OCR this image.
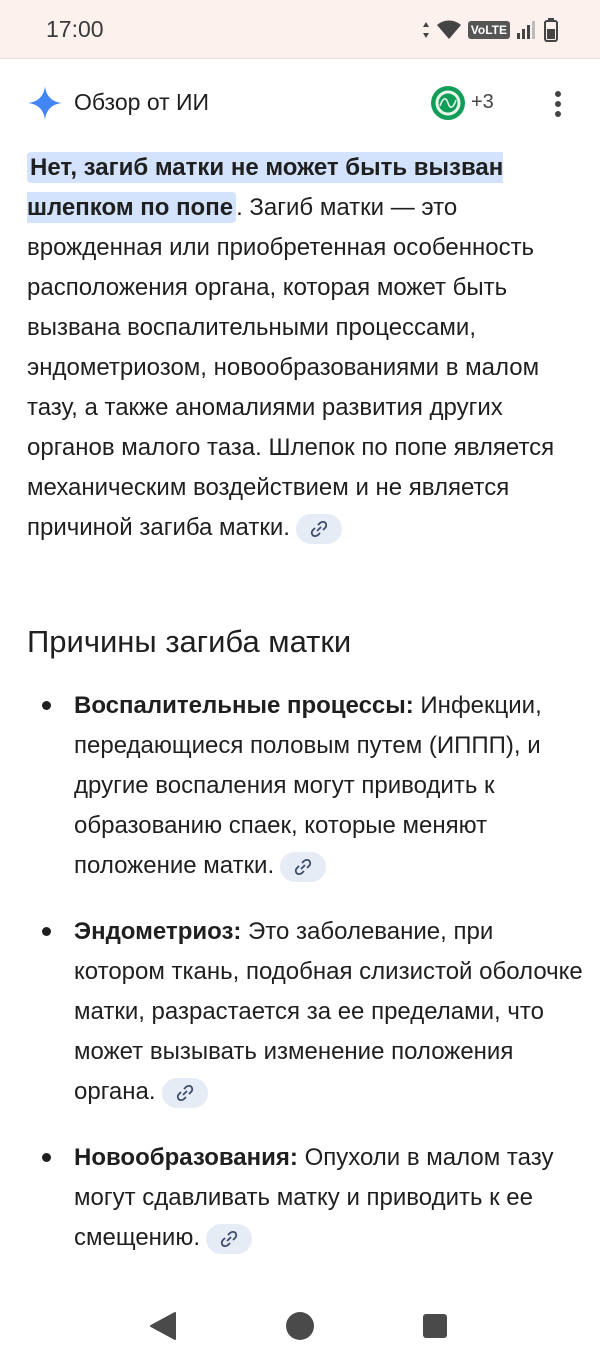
17:00	VoLTE
Обзор от ИИ	+3

Нет, загиб матки не может быть вызван шлепком по попе . Загиб матки — это врожденная или приобретенная особенность расположения органа, которая может быть вызвана воспалительными процессами, эндометриозом, новообразованиями в малом тазу, а также аномалиями развития других органов малого таза. Шлепок по попе является механическим воздействием и не является причиной загиба матки.

Причины загиба матки
Воспалительные процессы: Инфекции, передающиеся половым путем (ИППП), и другие воспаления могут приводить к образованию спаек, которые меняют положение матки.
Эндометриоз: Это заболевание, при котором ткань, подобная слизистой оболочке матки, разрастается за ее пределами, что может вызывать изменение положения органа.
Новообразования: Опухоли в малом тазу могут сдавливать матку и приводить к ее смещению.
